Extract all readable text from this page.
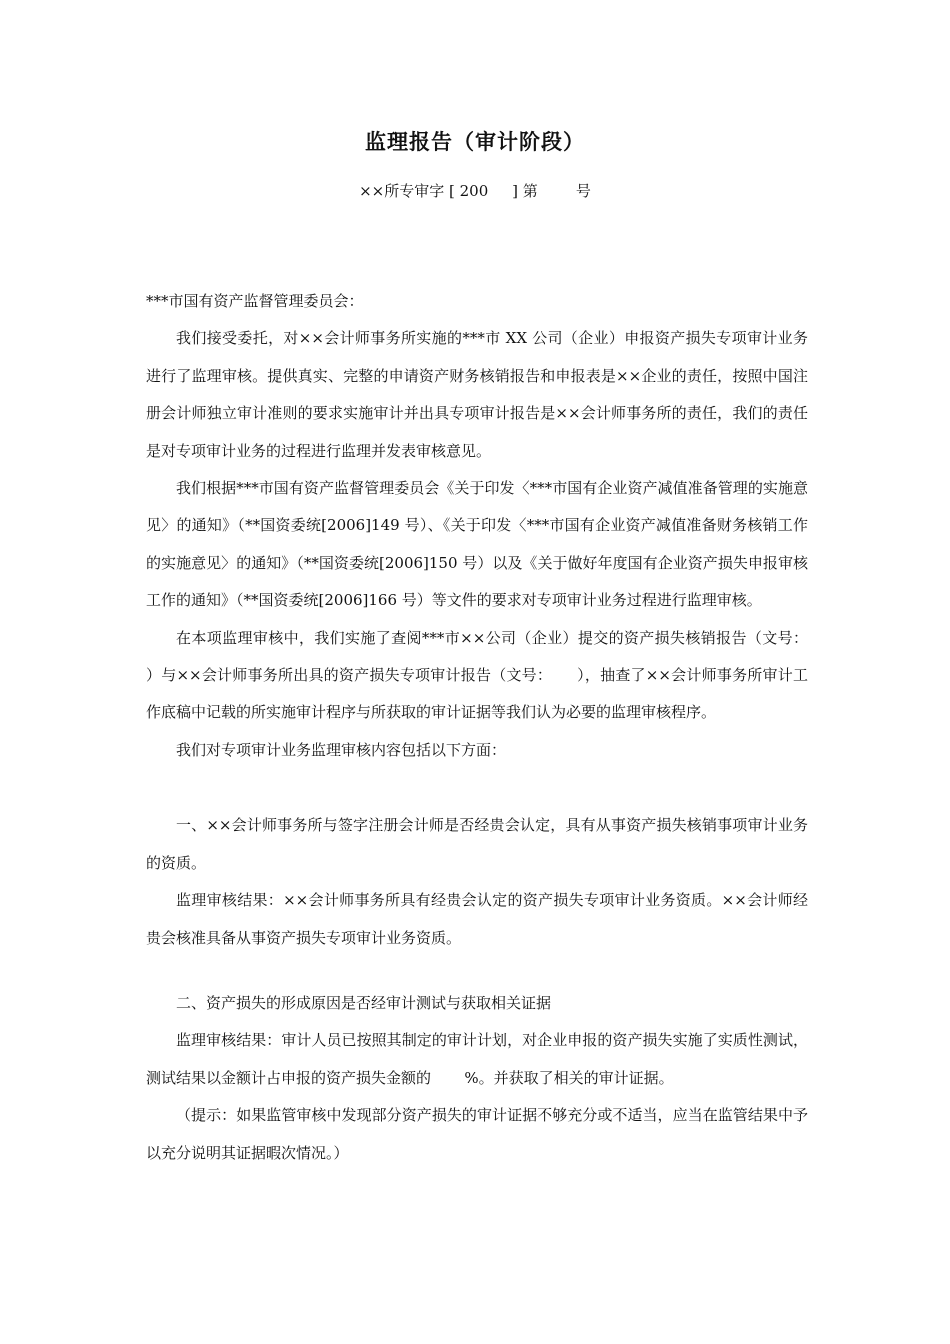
监理报告（审计阶段）
××所专审字 [ 200     ] 第        号

***市国有资产监督管理委员会：

我们接受委托，对××会计师事务所实施的***市 XX 公司（企业）申报资产损失专项审计业务进行了监理审核。提供真实、完整的申请资产财务核销报告和申报表是××企业的责任，按照中国注册会计师独立审计准则的要求实施审计并出具专项审计报告是××会计师事务所的责任，我们的责任是对专项审计业务的过程进行监理并发表审核意见。

我们根据***市国有资产监督管理委员会《关于印发〈***市国有企业资产减值准备管理的实施意见〉的通知》（**国资委统[2006]149 号）、《关于印发〈***市国有企业资产减值准备财务核销工作的实施意见〉的通知》（**国资委统[2006]150 号）以及《关于做好年度国有企业资产损失申报审核工作的通知》（**国资委统[2006]166 号）等文件的要求对专项审计业务过程进行监理审核。

在本项监理审核中，我们实施了查阅***市××公司（企业）提交的资产损失核销报告（文号：    ）与××会计师事务所出具的资产损失专项审计报告（文号：     ），抽查了××会计师事务所审计工作底稿中记载的所实施审计程序与所获取的审计证据等我们认为必要的监理审核程序。

我们对专项审计业务监理审核内容包括以下方面：

一、××会计师事务所与签字注册会计师是否经贵会认定，具有从事资产损失核销事项审计业务的资质。

监理审核结果：××会计师事务所具有经贵会认定的资产损失专项审计业务资质。××会计师经贵会核准具备从事资产损失专项审计业务资质。

二、资产损失的形成原因是否经审计测试与获取相关证据

监理审核结果：审计人员已按照其制定的审计计划，对企业申报的资产损失实施了实质性测试，测试结果以金额计占申报的资产损失金额的       %。并获取了相关的审计证据。

（提示：如果监管审核中发现部分资产损失的审计证据不够充分或不适当，应当在监管结果中予以充分说明其证据暇次情况。）
